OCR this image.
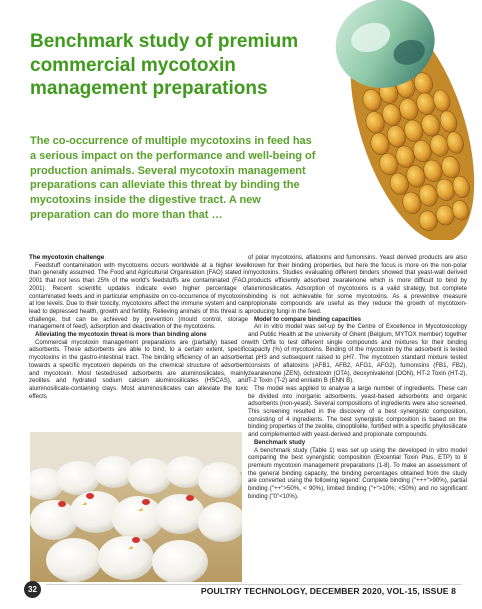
Benchmark study of premium commercial mycotoxin management preparations

The co-occurrence of multiple mycotoxins in feed has a serious impact on the performance and well-being of production animals. Several mycotoxin management preparations can alleviate this threat by binding the mycotoxins inside the digestive tract. A new preparation can do more than that …

The mycotoxin challenge

Feedstuff contamination with mycotoxins occurs worldwide at a higher level than generally assumed. The Food and Agricultural Organisation (FAO) stated in 2001 that not less than 25% of the world's feedstuffs are contaminated (FAO, 2001). Recent scientific updates indicate even higher percentage of contaminated feeds and in particular emphasize on co-occurrence of mycotoxins at low levels. Due to their toxicity, mycotoxins affect the immune system and can lead to depressed health, growth and fertility. Relieving animals of this threat is a challenge, but can be achieved by prevention (mould control, storage management of feed), adsorption and deactivation of the mycotoxins.

Alleviating the mycotoxin threat is more than binding alone

Commercial mycotoxin management preparations are (partially) based on adsorbents. These adsorbents are able to bind, to a certain extent, specific mycotoxins in the gastro-intestinal tract. The binding efficiency of an adsorbent towards a specific mycotoxin depends on the chemical structure of adsorbent and mycotoxin. Most tested/used adsorbents are aluminosilicates, mainly zeolites and hydrated sodium calcium aluminosilicates (HSCAS), and aluminosilicate-containing clays. Most aluminosilicates can alleviate the toxic effects

of polar mycotoxins, aflatoxins and fumonisins. Yeast derived products are also known for their binding properties, but here the focus is more on the non-polar mycotoxins. Studies evaluating different binders showed that yeast-wall derived products efficiently adsorbed zearalenone which is more difficult to bind by aluminosilicates. Adsorption of mycotoxins is a valid strategy, but complete binding is not achievable for some mycotoxins. As a preventive measure propionate compounds are useful as they reduce the growth of mycotoxin-producing fungi in the feed.

Model to compare binding capacities

An in vitro model was set-up by the Centre of Excellence in Mycotoxicology and Public Health at the university of Ghent (Belgium, MYTOX member) together with Orffa to test different single compounds and mixtures for their binding capacity (%) of mycotoxins. Binding of the mycotoxin by the adsorbent is tested at pH3 and subsequent raised to pH7. The mycotoxin standard mixture tested consists of aflatoxins (AFB1, AFB2, AFG1, AFG2), fumonisins (FB1, FB2), zearalenone (ZEN), ochratoxin (OTA), deoxynivalenol (DON), HT-2 Toxin (HT-2), T-2 Toxin (T-2) and enniatin B (ENN B).

The model was applied to analyse a large number of ingredients. These can be divided into inorganic adsorbents, yeast-based adsorbents and organic adsorbents (non-yeast). Several compositions of ingredients were also screened. This screening resulted in the discovery of a best synergistic composition, consisting of 4 ingredients. The best synergistic composition is based on the binding properties of the zeolite, clinoptilolite, fortified with a specific phyllosilicate and complemented with yeast-derived and propionate compounds.

Benchmark study

A benchmark study (Table 1) was set up using the developed in vitro model comparing the best synergistic composition (Excential Toxin Plus, ETP) to 8 premium mycotoxin management preparations (1-8). To make an assessment of the general binding capacity, the binding percentages obtained from the study are converted using the following legend: Complete binding ("+++">90%), partial binding ("++">50%, < 90%), limited binding ("+">10%; <50%) and no significant binding ("0"<10%).

32	POULTRY TECHNOLOGY, DECEMBER 2020, VOL-15, ISSUE 8
